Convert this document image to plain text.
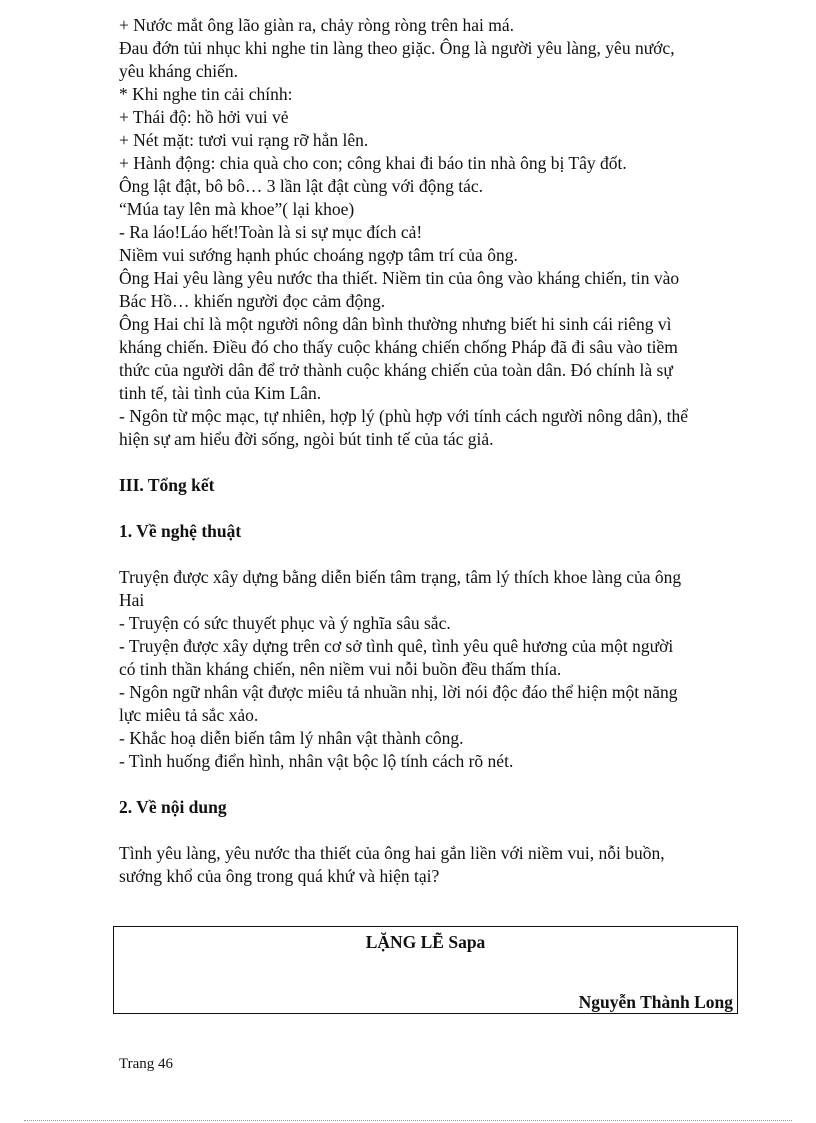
+ Nước mắt ông lão giàn ra, chảy ròng ròng trên hai má.
Đau đớn tủi nhục khi nghe tin làng theo giặc. Ông là người yêu làng, yêu nước,
yêu kháng chiến.
* Khi nghe tin cải chính:
+ Thái độ: hồ hởi vui vẻ
+ Nét mặt: tươi vui rạng rỡ hẳn lên.
+ Hành động: chia quà cho con; công khai đi báo tin nhà ông bị Tây đốt.
Ông lật đật, bô bô… 3 lần lật đật cùng với động tác.
“Múa tay lên mà khoe”( lại khoe)
- Ra láo!Láo hết!Toàn là si sự mục đích cả!
Niềm vui sướng hạnh phúc choáng ngợp tâm trí của ông.
Ông Hai yêu làng yêu nước tha thiết. Niềm tin của ông vào kháng chiến, tin vào
Bác Hồ… khiến người đọc cảm động.
Ông Hai chỉ là một người nông dân bình thường nhưng biết hi sinh cái riêng vì
kháng chiến. Điều đó cho thấy cuộc kháng chiến chống Pháp đã đi sâu vào tiềm
thức của người dân để trở thành cuộc kháng chiến của toàn dân. Đó chính là sự
tinh tế, tài tình của Kim Lân.
- Ngôn từ mộc mạc, tự nhiên, hợp lý (phù hợp với tính cách người nông dân), thể
hiện sự am hiểu đời sống, ngòi bút tinh tế của tác giả.
III. Tổng kết
1. Về nghệ thuật
Truyện được xây dựng bằng diễn biến tâm trạng, tâm lý thích khoe làng của ông
Hai
- Truyện có sức thuyết phục và ý nghĩa sâu sắc.
- Truyện được xây dựng trên cơ sở tình quê, tình yêu quê hương của một người
có tinh thần kháng chiến, nên niềm vui nỗi buồn đều thấm thía.
- Ngôn ngữ nhân vật được miêu tả nhuần nhị, lời nói độc đáo thể hiện một năng
lực miêu tả sắc xảo.
- Khắc hoạ diễn biến tâm lý nhân vật thành công.
- Tình huống điển hình, nhân vật bộc lộ tính cách rõ nét.
2. Về nội dung
Tình yêu làng, yêu nước tha thiết của ông hai gắn liền với niềm vui, nỗi buồn,
sướng khổ của ông trong quá khứ và hiện tại?
LẶNG LẼ Sapa
Nguyễn Thành Long
Trang 46
